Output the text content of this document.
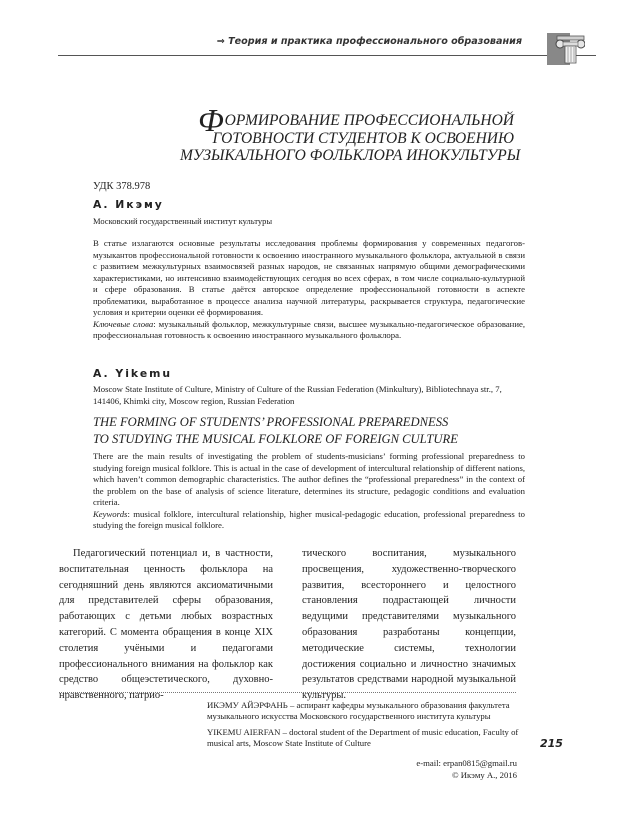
⇒ Теория и практика профессионального образования
ФОРМИРОВАНИЕ ПРОФЕССИОНАЛЬНОЙ
ГОТОВНОСТИ СТУДЕНТОВ К ОСВОЕНИЮ
МУЗЫКАЛЬНОГО ФОЛЬКЛОРА ИНОКУЛЬТУРЫ
УДК 378.978
А. Икэму
Московский государственный институт культуры
В статье излагаются основные результаты исследования проблемы формирования у современных педагогов-музыкантов профессиональной готовности к освоению иностранного музыкального фольклора, актуальной в связи с развитием межкультурных взаимосвязей разных народов, не связанных напрямую общими демографическими характеристиками, но интенсивно взаимодействующих сегодня во всех сферах, в том числе социально-культурной и сфере образования. В статье даётся авторское определение профессиональной готовности в аспекте проблематики, выработанное в процессе анализа научной литературы, раскрывается структура, педагогические условия и критерии оценки её формирования.
Ключевые слова: музыкальный фольклор, межкультурные связи, высшее музыкально-педагогическое образование, профессиональная готовность к освоению иностранного музыкального фольклора.
A. Yikemu
Moscow State Institute of Culture, Ministry of Culture of the Russian Federation (Minkultury), Bibliotechnaya str., 7, 141406, Khimki city, Moscow region, Russian Federation
THE FORMING OF STUDENTS’ PROFESSIONAL PREPAREDNESS
TO STUDYING THE MUSICAL FOLKLORE OF FOREIGN CULTURE
There are the main results of investigating the problem of students-musicians’ forming professional preparedness to studying foreign musical folklore. This is actual in the case of development of intercultural relationship of different nations, which haven’t common demographic characteristics. The author defines the “professional preparedness” in the context of the problem on the base of analysis of science literature, determines its structure, pedagogic conditions and evaluation criteria.
Keywords: musical folklore, intercultural relationship, higher musical-pedagogic education, professional preparedness to studying the foreign musical folklore.

Педагогический потенциал и, в частности, воспитательная ценность фольклора на сегодняшний день являются аксиоматичными для представителей сферы образования, работающих с детьми любых возрастных категорий. С момента обращения в конце XIX столетия учёными и педагогами профессионального внимания на фольклор как средство общеэстетического, духовно-нравственного, патрио-

тического воспитания, музыкального просвещения, художественно-творческого развития, всестороннего и целостного становления подрастающей личности ведущими представителями музыкального образования разработаны концепции, методические системы, технологии достижения социально и личностно значимых результатов средствами народной музыкальной культуры.

ИКЭМУ АЙЭРФАНЬ – аспирант кафедры музыкального образования факультета музыкального искусства Московского государственного института культуры
YIKEMU AIERFAN – doctoral student of the Department of music education, Faculty of musical arts, Moscow State Institute of Culture	215
e-mail: erpan0815@gmail.ru
© Икэму А., 2016
